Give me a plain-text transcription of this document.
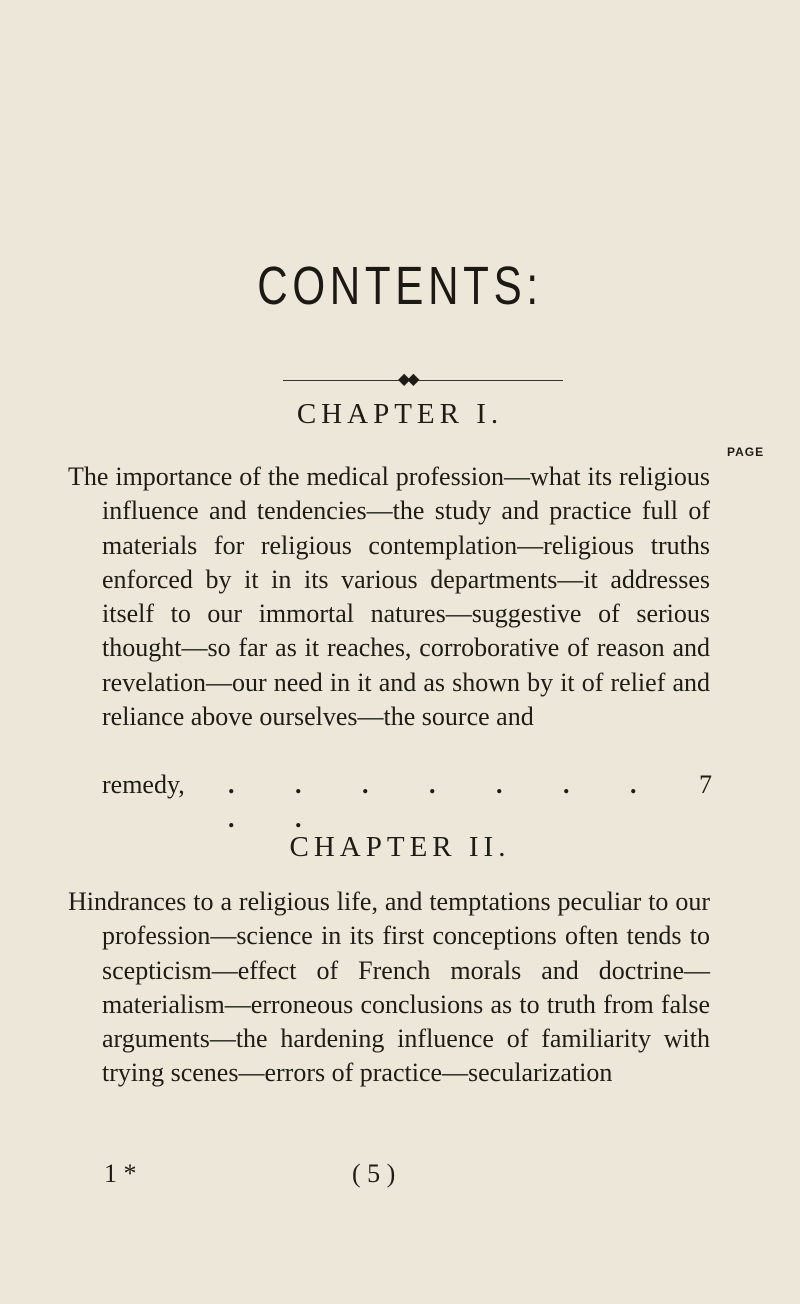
CONTENTS:
◆◆
CHAPTER I.
PAGE
The importance of the medical profession—what its religious influence and tendencies—the study and practice full of materials for religious contemplation—religious truths enforced by it in its various departments—it addresses itself to our immortal natures—suggestive of serious thought—so far as it reaches, corroborative of reason and revelation—our need in it and as shown by it of relief and reliance above ourselves—the source and
remedy, . . . . . . . . .
7
CHAPTER II.
Hindrances to a religious life, and temptations peculiar to our profession—science in its first conceptions often tends to scepticism—effect of French morals and doctrine—materialism—erroneous conclusions as to truth from false arguments—the hardening influence of familiarity with trying scenes—errors of practice—secularization
1 *	( 5 )
